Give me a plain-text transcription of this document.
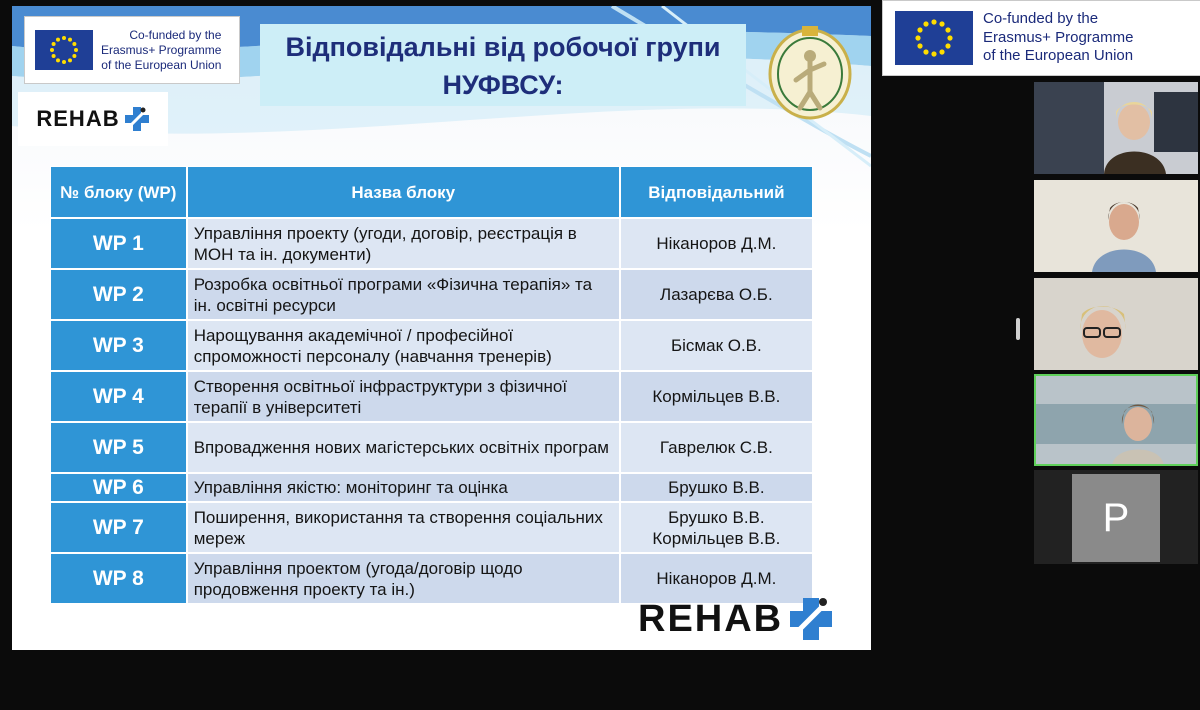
Co-funded by the
Erasmus+ Programme
of the European Union
REHAB
Відповідальні від робочої групи
НУФВСУ:
№ блоку (WP)	Назва блоку	Відповідальний
WP 1	Управління проекту (угоди, договір, реєстрація в МОН та ін. документи)	Ніканоров Д.М.
WP 2	Розробка освітньої програми «Фізична терапія» та ін. освітні ресурси	Лазарєва О.Б.
WP 3	Нарощування академічної / професійної спроможності персоналу (навчання тренерів)	Бісмак О.В.
WP 4	Створення освітньої інфраструктури з фізичної терапії в університеті	Кормільцев В.В.
WP 5	Впровадження нових магістерських освітніх програм	Гаврелюк С.В.
WP 6	Управління якістю: моніторинг та оцінка	Брушко В.В.
WP 7	Поширення, використання та створення соціальних мереж	Брушко В.В. Кормільцев В.В.
WP 8	Управління проектом (угода/договір щодо продовження проекту та ін.)	Ніканоров Д.М.
REHAB
Co-funded by the
Erasmus+ Programme
of the European Union
P
